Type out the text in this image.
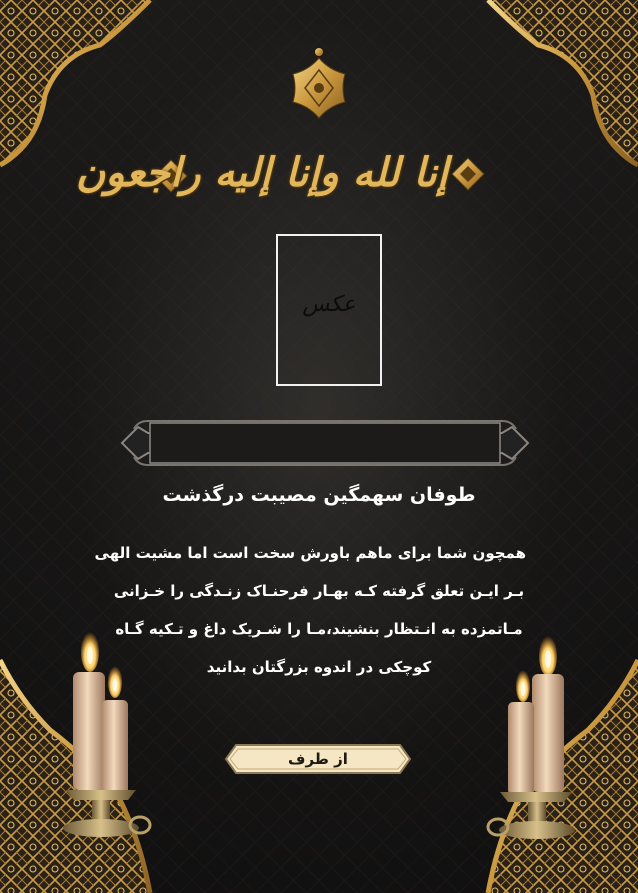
إنا لله وإنا إليه راجعون
عکس
طوفان سهمگین مصیبت درگذشت
همچون شما برای ماهم باورش سخت است اما مشیت الهی
بـر ایـن تعلق گرفته کـه بهـار فرحنـاک زنـدگی را خـزانی
مـاتمزده به انـتظار بنشیند،مـا را شـریک داغ و تـکیه گـاه
کوچکی در اندوه بزرگتان بدانید
از طرف
